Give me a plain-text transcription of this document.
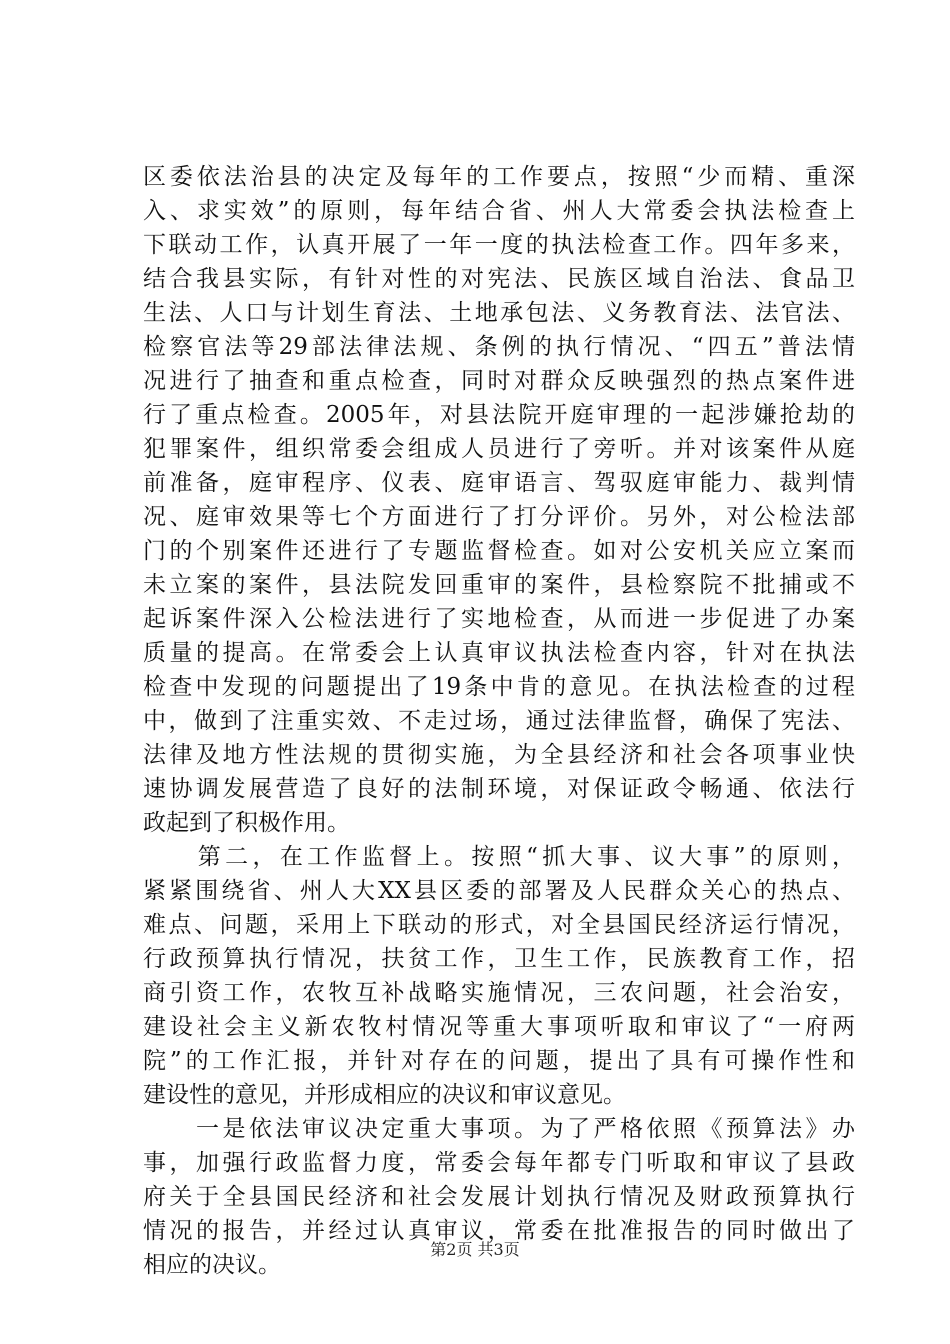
区委依法治县的决定及每年的工作要点，按照“少而精、重深
入、求实效”的原则，每年结合省、州人大常委会执法检查上
下联动工作，认真开展了一年一度的执法检查工作。四年多来，
结合我县实际，有针对性的对宪法、民族区域自治法、食品卫
生法、人口与计划生育法、土地承包法、义务教育法、法官法、
检察官法等29部法律法规、条例的执行情况、“四五”普法情
况进行了抽查和重点检查，同时对群众反映强烈的热点案件进
行了重点检查。2005年，对县法院开庭审理的一起涉嫌抢劫的
犯罪案件，组织常委会组成人员进行了旁听。并对该案件从庭
前准备，庭审程序、仪表、庭审语言、驾驭庭审能力、裁判情
况、庭审效果等七个方面进行了打分评价。另外，对公检法部
门的个别案件还进行了专题监督检查。如对公安机关应立案而
未立案的案件，县法院发回重审的案件，县检察院不批捕或不
起诉案件深入公检法进行了实地检查，从而进一步促进了办案
质量的提高。在常委会上认真审议执法检查内容，针对在执法
检查中发现的问题提出了19条中肯的意见。在执法检查的过程
中，做到了注重实效、不走过场，通过法律监督，确保了宪法、
法律及地方性法规的贯彻实施，为全县经济和社会各项事业快
速协调发展营造了良好的法制环境，对保证政令畅通、依法行
政起到了积极作用。
　　第二，在工作监督上。按照“抓大事、议大事”的原则，
紧紧围绕省、州人大XX县区委的部署及人民群众关心的热点、
难点、问题，采用上下联动的形式，对全县国民经济运行情况，
行政预算执行情况，扶贫工作，卫生工作，民族教育工作，招
商引资工作，农牧互补战略实施情况，三农问题，社会治安，
建设社会主义新农牧村情况等重大事项听取和审议了“一府两
院”的工作汇报，并针对存在的问题，提出了具有可操作性和
建设性的意见，并形成相应的决议和审议意见。
　　一是依法审议决定重大事项。为了严格依照《预算法》办
事，加强行政监督力度，常委会每年都专门听取和审议了县政
府关于全县国民经济和社会发展计划执行情况及财政预算执行
情况的报告，并经过认真审议，常委在批准报告的同时做出了
相应的决议。
第2页 共3页
